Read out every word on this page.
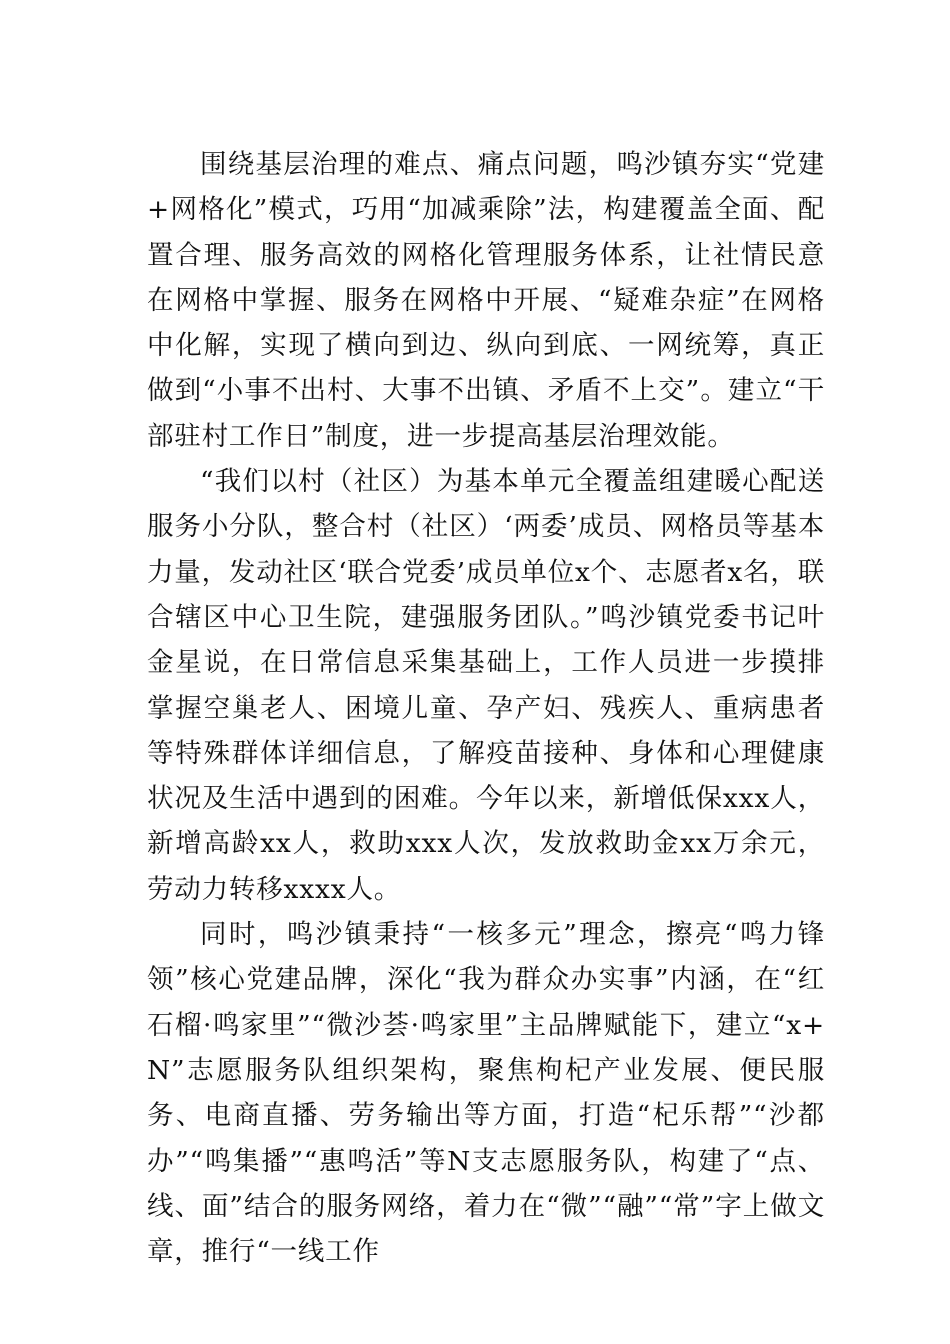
围绕基层治理的难点、痛点问题，鸣沙镇夯实“党建+网格化”模式，巧用“加减乘除”法，构建覆盖全面、配置合理、服务高效的网格化管理服务体系，让社情民意在网格中掌握、服务在网格中开展、“疑难杂症”在网格中化解，实现了横向到边、纵向到底、一网统筹，真正做到“小事不出村、大事不出镇、矛盾不上交”。建立“干部驻村工作日”制度，进一步提高基层治理效能。

“我们以村（社区）为基本单元全覆盖组建暖心配送服务小分队，整合村（社区）‘两委’成员、网格员等基本力量，发动社区‘联合党委’成员单位x个、志愿者x名，联合辖区中心卫生院，建强服务团队。”鸣沙镇党委书记叶金星说，在日常信息采集基础上，工作人员进一步摸排掌握空巢老人、困境儿童、孕产妇、残疾人、重病患者等特殊群体详细信息，了解疫苗接种、身体和心理健康状况及生活中遇到的困难。今年以来，新增低保xxx人，新增高龄xx人，救助xxx人次，发放救助金xx万余元，劳动力转移xxxx人。

同时，鸣沙镇秉持“一核多元”理念，擦亮“鸣力锋领”核心党建品牌，深化“我为群众办实事”内涵，在“红石榴·鸣家里”“微沙荟·鸣家里”主品牌赋能下，建立“x+N”志愿服务队组织架构，聚焦枸杞产业发展、便民服务、电商直播、劳务输出等方面，打造“杞乐帮”“沙都办”“鸣集播”“惠鸣活”等N支志愿服务队，构建了“点、线、面”结合的服务网络，着力在“微”“融”“常”字上做文章，推行“一线工作
